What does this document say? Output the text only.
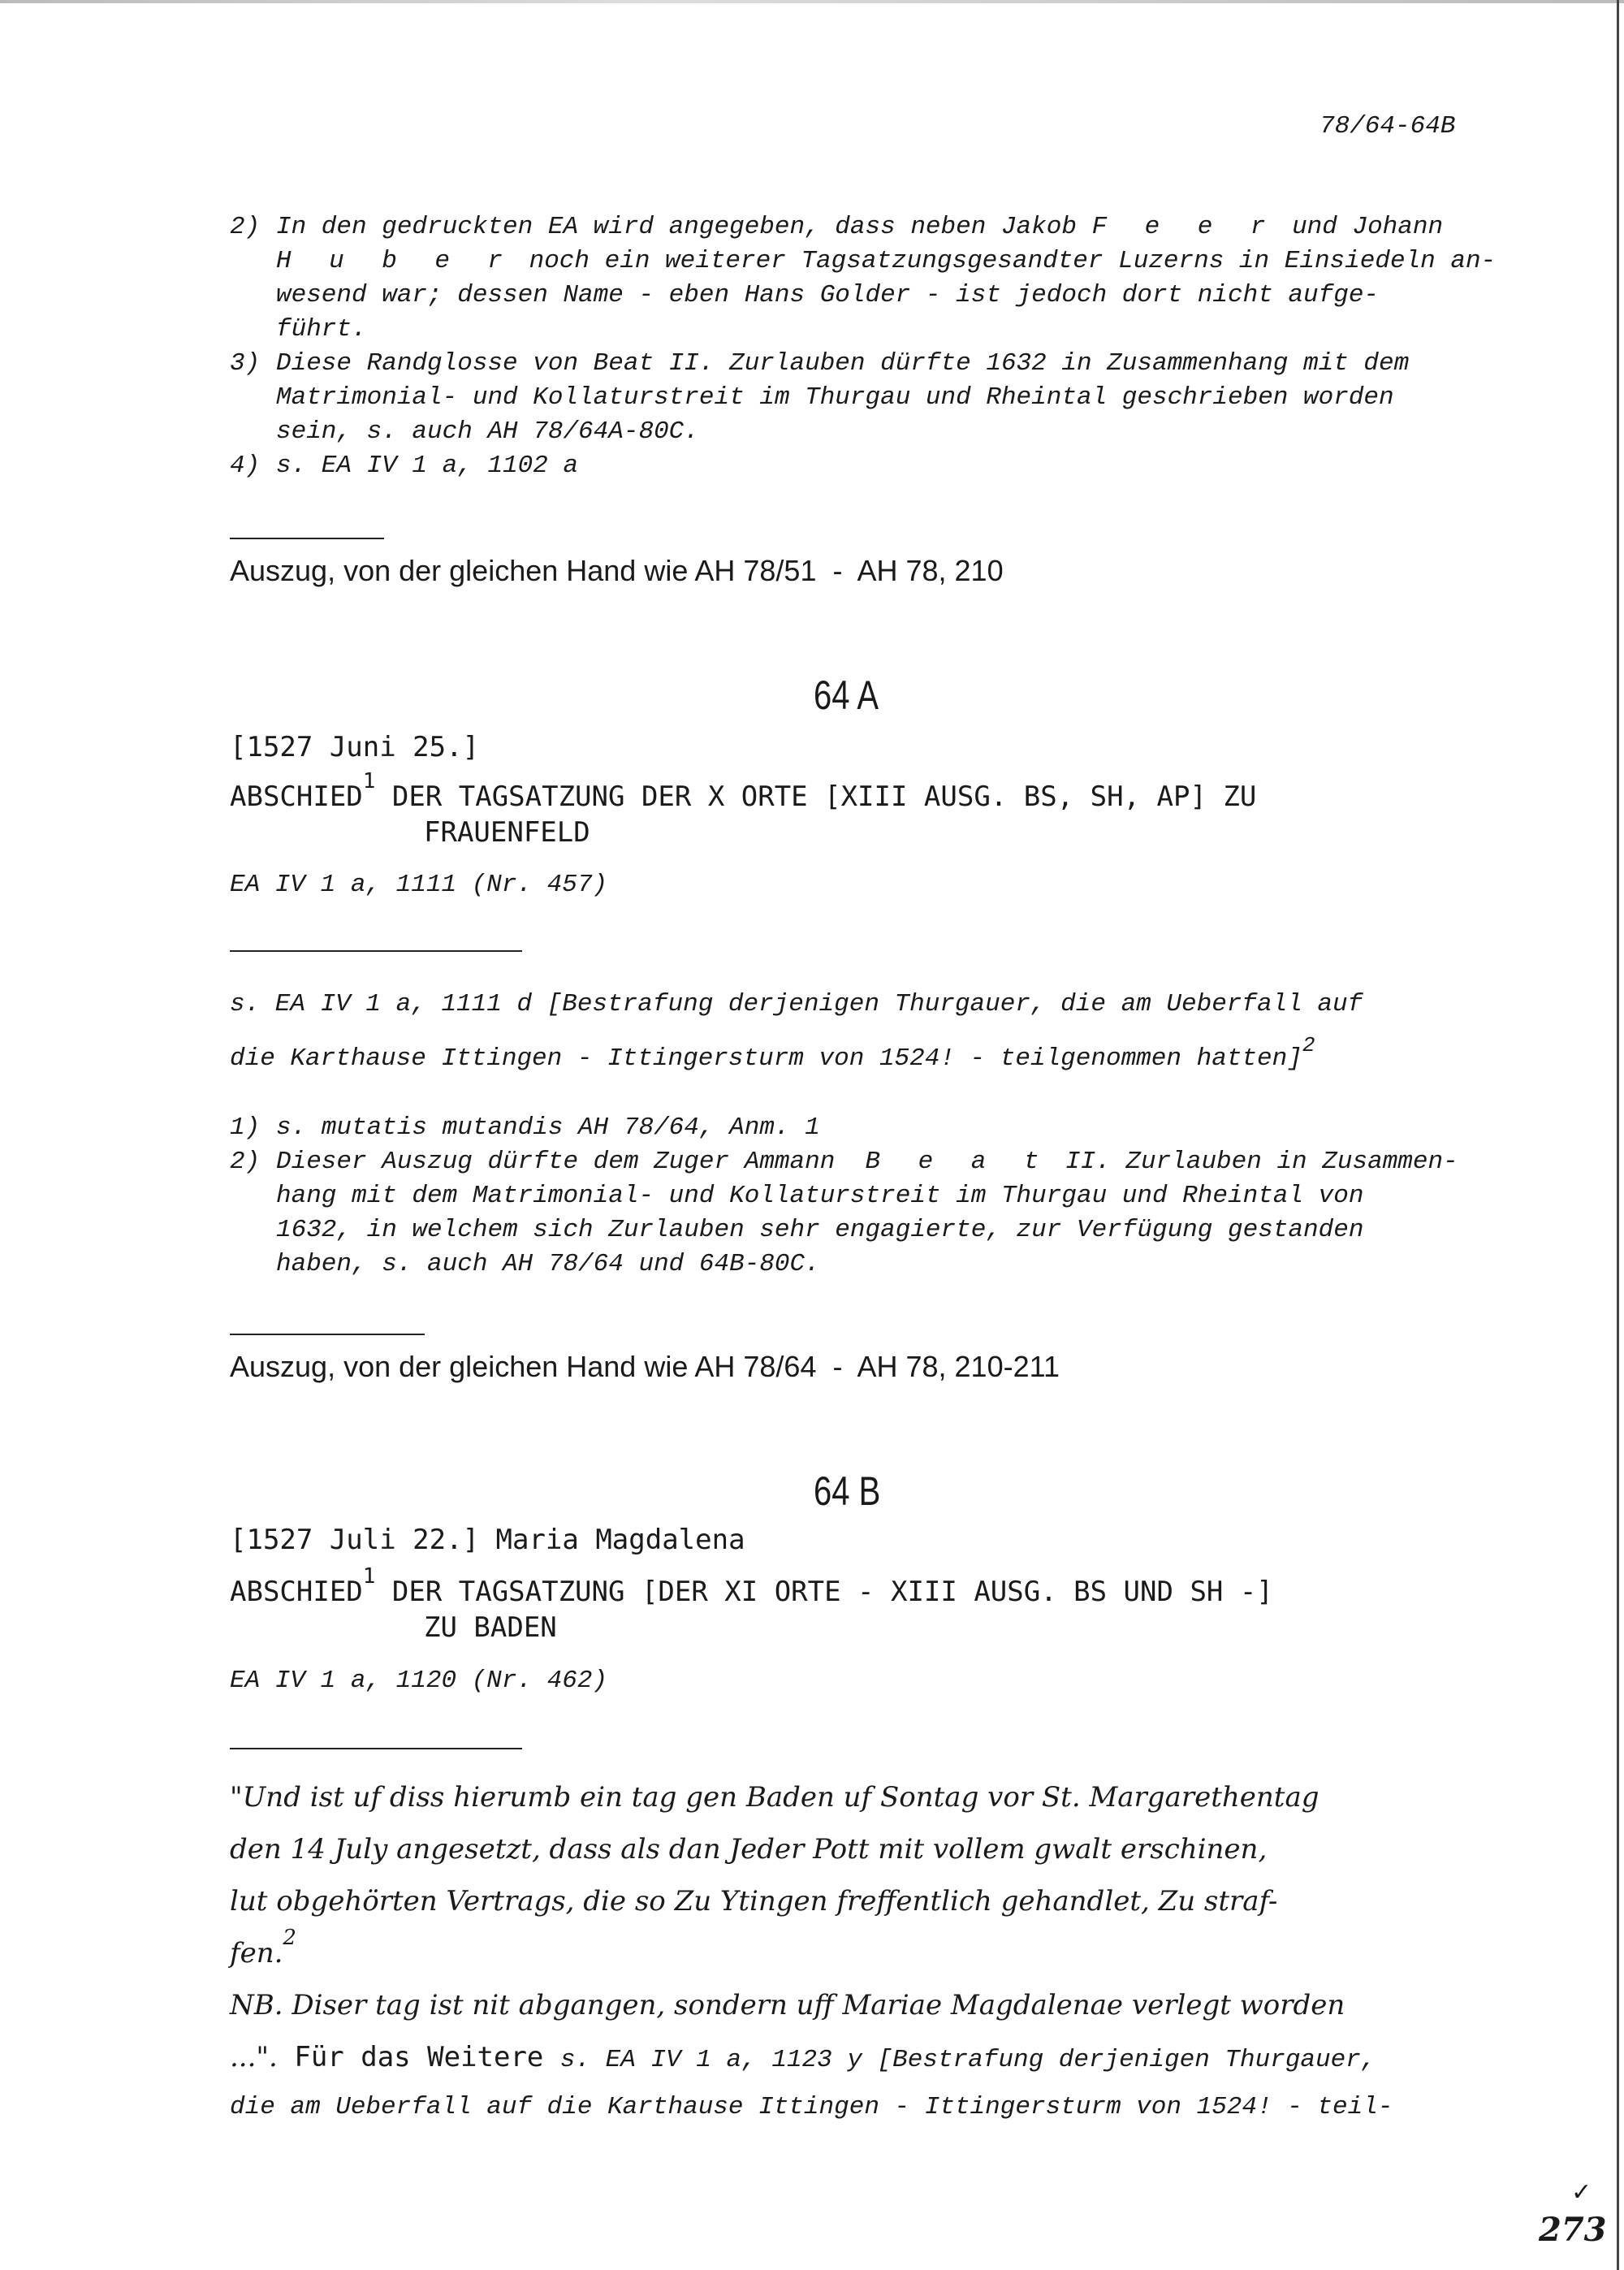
78/64-64B
2) In den gedruckten EA wird angegeben, dass neben Jakob F e e r und Johann
H u b e r noch ein weiterer Tagsatzungsgesandter Luzerns in Einsiedeln an-
wesend war; dessen Name - eben Hans Golder - ist jedoch dort nicht aufge-
führt.
3) Diese Randglosse von Beat II. Zurlauben dürfte 1632 in Zusammenhang mit dem
Matrimonial- und Kollaturstreit im Thurgau und Rheintal geschrieben worden
sein, s. auch AH 78/64A-80C.
4) s. EA IV 1 a, 1102 a
Auszug, von der gleichen Hand wie AH 78/51  -  AH 78, 210
64 A
[1527 Juni 25.]
ABSCHIED$^1$ DER TAGSATZUNG DER X ORTE [XIII AUSG. BS, SH, AP] ZU
FRAUENFELD
EA IV 1 a, 1111 (Nr. 457)
s. EA IV 1 a, 1111 d [Bestrafung derjenigen Thurgauer, die am Ueberfall auf
die Karthause Ittingen - Ittingersturm von 1524! - teilgenommen hatten]$^2$
1) s. mutatis mutandis AH 78/64, Anm. 1
2) Dieser Auszug dürfte dem Zuger Ammann B e a t II. Zurlauben in Zusammen-
hang mit dem Matrimonial- und Kollaturstreit im Thurgau und Rheintal von
1632, in welchem sich Zurlauben sehr engagierte, zur Verfügung gestanden
haben, s. auch AH 78/64 und 64B-80C.
Auszug, von der gleichen Hand wie AH 78/64  -  AH 78, 210-211
64 B
[1527 Juli 22.] Maria Magdalena
ABSCHIED$^1$ DER TAGSATZUNG [DER XI ORTE - XIII AUSG. BS UND SH -]
ZU BADEN
EA IV 1 a, 1120 (Nr. 462)
"Und ist uf diss hierumb ein tag gen Baden uf Sontag vor St. Margarethentag
den 14 July angesetzt, dass als dan Jeder Pott mit vollem gwalt erschinen,
lut obgehörten Vertrags, die so Zu Ytingen freffentlich gehandlet, Zu straf-
fen.$^2$
NB. Diser tag ist nit abgangen, sondern uff Mariae Magdalenae verlegt worden
...". Für das Weitere s. EA IV 1 a, 1123 y [Bestrafung derjenigen Thurgauer,
die am Ueberfall auf die Karthause Ittingen - Ittingersturm von 1524! - teil-
✓
273
